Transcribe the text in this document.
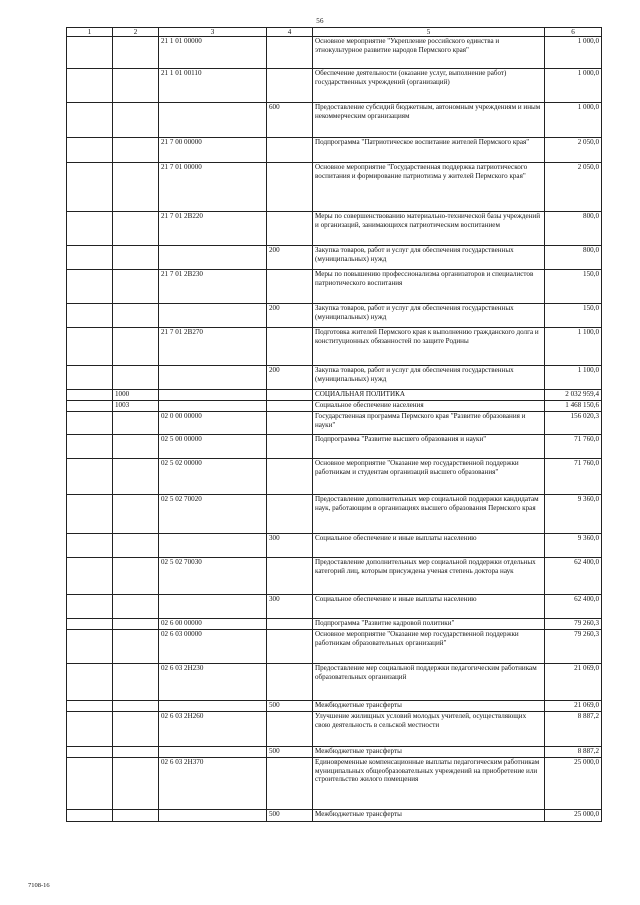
56
1	2	3	4	5	6
		21 1 01 00000		Основное мероприятие "Укрепление российского единства и этнокультурное развитие народов Пермского края"	1 000,0
		21 1 01 00110		Обеспечение деятельности (оказание услуг, выполнение работ) государственных учреждений (организаций)	1 000,0
			600	Предоставление субсидий бюджетным, автономным учреждениям и иным некоммерческим организациям	1 000,0
		21 7 00 00000		Подпрограмма "Патриотическое воспитание жителей Пермского края"	2 050,0
		21 7 01 00000		Основное мероприятие "Государственная поддержка патриотического воспитания и формирование патриотизма у жителей Пермского края"	2 050,0
		21 7 01 2В220		Меры по совершенствованию материально-технической базы учреждений и организаций, занимающихся патриотическим воспитанием	800,0
			200	Закупка товаров, работ и услуг для обеспечения государственных (муниципальных) нужд	800,0
		21 7 01 2В230		Меры по повышению профессионализма организаторов и специалистов патриотического воспитания	150,0
			200	Закупка товаров, работ и услуг для обеспечения государственных (муниципальных) нужд	150,0
		21 7 01 2В270		Подготовка жителей Пермского края к выполнению гражданского долга и конституционных обязанностей по защите Родины	1 100,0
			200	Закупка товаров, работ и услуг для обеспечения государственных (муниципальных) нужд	1 100,0
	1000			СОЦИАЛЬНАЯ ПОЛИТИКА	2 032 959,4
	1003			Социальное обеспечение населения	1 468 150,6
		02 0 00 00000		Государственная программа Пермского края "Развитие образования и науки"	156 020,3
		02 5 00 00000		Подпрограмма "Развитие высшего образования и науки"	71 760,0
		02 5 02 00000		Основное мероприятие "Оказание мер государственной поддержки работникам и студентам организаций высшего образования"	71 760,0
		02 5 02 70020		Предоставление дополнительных мер социальной поддержки кандидатам наук, работающим в организациях высшего образования Пермского края	9 360,0
			300	Социальное обеспечение и иные выплаты населению	9 360,0
		02 5 02 70030		Предоставление дополнительных мер социальной поддержки отдельных категорий лиц, которым присуждена ученая степень доктора наук	62 400,0
			300	Социальное обеспечение и иные выплаты населению	62 400,0
		02 6 00 00000		Подпрограмма "Развитие кадровой политики"	79 260,3
		02 6 03 00000		Основное мероприятие "Оказание мер государственной поддержки работникам образовательных организаций"	79 260,3
		02 6 03 2Н230		Предоставление мер социальной поддержки педагогическим работникам образовательных организаций	21 069,0
			500	Межбюджетные трансферты	21 069,0
		02 6 03 2Н260		Улучшение жилищных условий молодых учителей, осуществляющих свою деятельность в сельской местности	8 887,2
			500	Межбюджетные трансферты	8 887,2
		02 6 03 2Н370		Единовременные компенсационные выплаты педагогическим работникам муниципальных общеобразовательных учреждений на приобретение или строительство жилого помещения	25 000,0
			500	Межбюджетные трансферты	25 000,0
7108-16
